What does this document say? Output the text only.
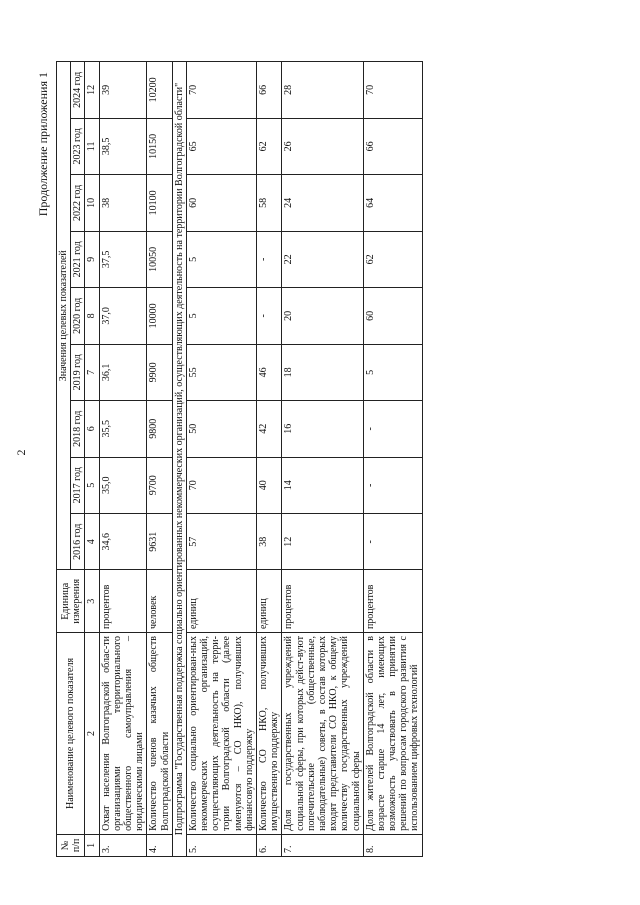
2
Продолжение приложения 1
№ п/п	Наименование целевого показателя	Единица измерения	Значения целевых показателей								
			2016 год	2017 год	2018 год	2019 год	2020 год	2021 год	2022 год	2023 год	2024 год
1	2	3	4	5	6	7	8	9	10	11	12
3.	Охват населения Волгоградской облас-ти организациями территориального общественного самоуправления – юридическими лицами	процентов	34,6	35,0	35,5	36,1	37,0	37,5	38	38,5	39
4.	Количество членов казачьих обществ Волгоградской области	человек	9631	9700	9800	9900	10000	10050	10100	10150	10200
Подпрограмма "Государственная поддержка социально ориентированных некоммерческих организаций, осуществляющих деятельность на территории Волгоградской области"											
5.	Количество социально ориентирован-ных некоммерческих организаций, осуществляющих деятельность на терри-тории Волгоградской области (далее именуются – СО НКО), получивших финансовую поддержку	единиц	57	70	50	55	5	5	60	65	70
6.	Количество СО НКО, получивших имущественную поддержку	единиц	38	40	42	46	-	-	58	62	66
7.	Доля государственных учреждений социальной сферы, при которых дейст-вуют попечительские (общественные, наблюдательные) советы, в состав которых входят представители СО НКО, к общему количеству государственных учреждений социальной сферы	процентов	12	14	16	18	20	22	24	26	28
8.	Доля жителей Волгоградской области в возрасте старше 14 лет, имеющих возможность участвовать в принятии решений по вопросам городского развития с использованием цифровых технологий	процентов	-	-	-	5	60	62	64	66	70
